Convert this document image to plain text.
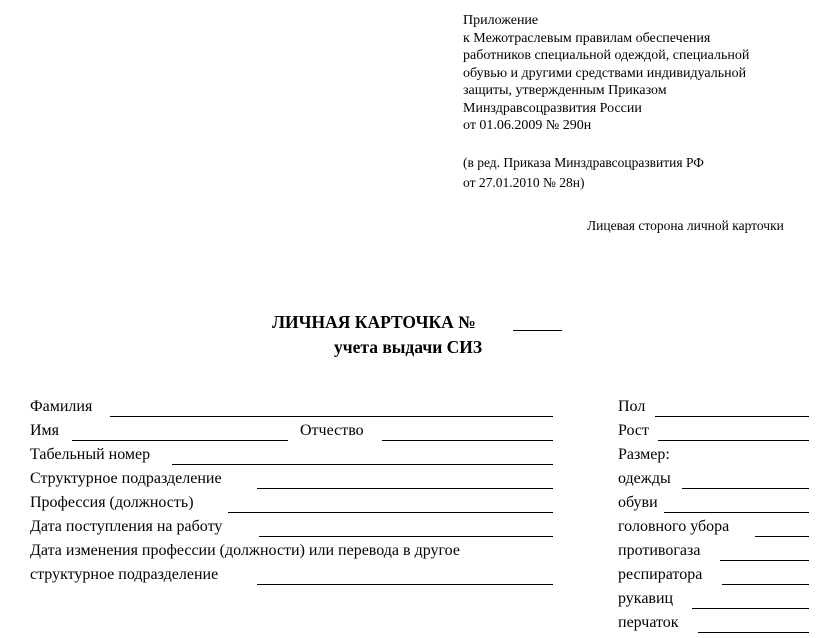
Приложение
к Межотраслевым правилам обеспечения
работников специальной одеждой, специальной
обувью и другими средствами индивидуальной
защиты, утвержденным Приказом
Минздравсоцразвития России
от 01.06.2009 № 290н
(в ред. Приказа Минздравсоцразвития РФ
от 27.01.2010 № 28н)
Лицевая сторона личной карточки
ЛИЧНАЯ КАРТОЧКА №
учета выдачи СИЗ
Фамилия
Имя	Отчество
Табельный номер
Структурное подразделение
Профессия (должность)
Дата поступления на работу
Дата изменения профессии (должности) или перевода в другое
структурное подразделение
Пол
Рост
Размер:
одежды
обуви
головного убора
противогаза
респиратора
рукавиц
перчаток
